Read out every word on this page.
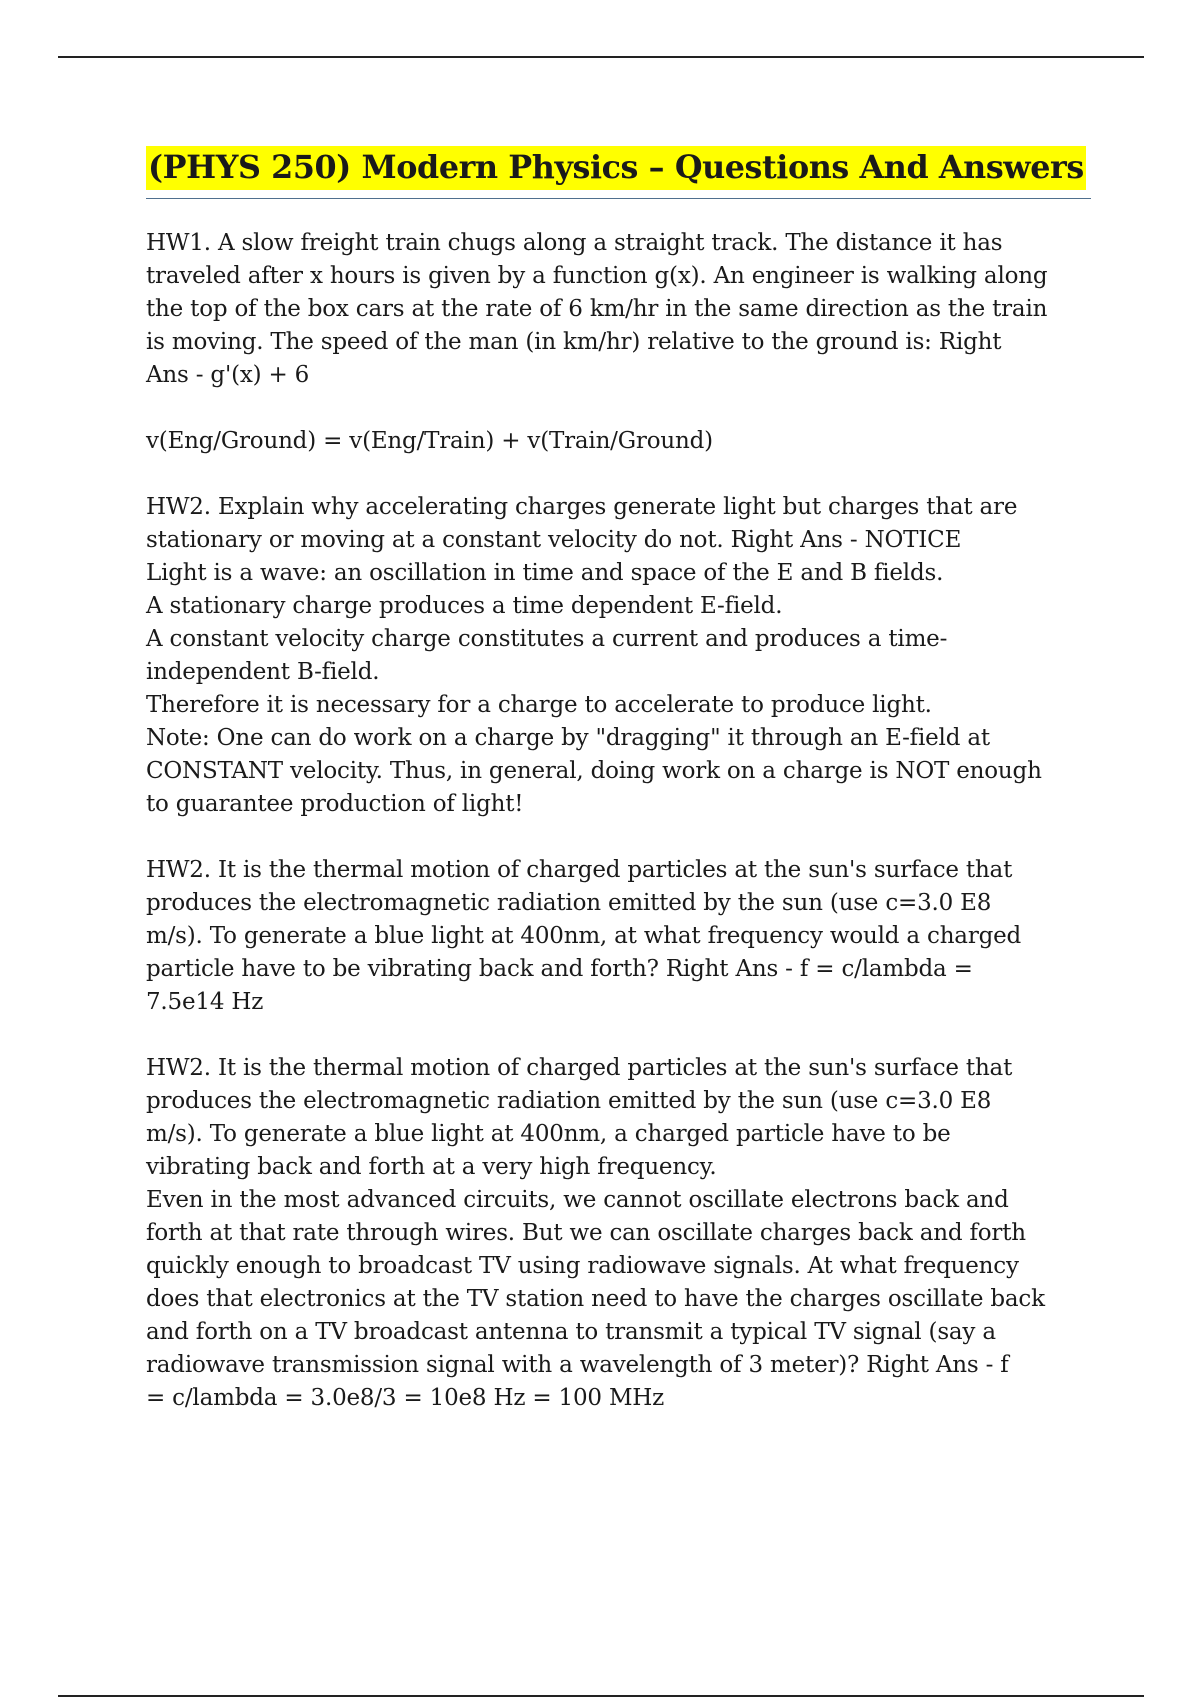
(PHYS 250) Modern Physics – Questions And Answers
HW1. A slow freight train chugs along a straight track. The distance it has
traveled after x hours is given by a function g(x). An engineer is walking along
the top of the box cars at the rate of 6 km/hr in the same direction as the train
is moving. The speed of the man (in km/hr) relative to the ground is: Right
Ans - g'(x) + 6
v(Eng/Ground) = v(Eng/Train) + v(Train/Ground)
HW2. Explain why accelerating charges generate light but charges that are
stationary or moving at a constant velocity do not. Right Ans - NOTICE
Light is a wave: an oscillation in time and space of the E and B fields.
A stationary charge produces a time dependent E-field.
A constant velocity charge constitutes a current and produces a time-
independent B-field.
Therefore it is necessary for a charge to accelerate to produce light.
Note: One can do work on a charge by "dragging" it through an E-field at
CONSTANT velocity. Thus, in general, doing work on a charge is NOT enough
to guarantee production of light!
HW2. It is the thermal motion of charged particles at the sun's surface that
produces the electromagnetic radiation emitted by the sun (use c=3.0 E8
m/s). To generate a blue light at 400nm, at what frequency would a charged
particle have to be vibrating back and forth? Right Ans - f = c/lambda =
7.5e14 Hz
HW2. It is the thermal motion of charged particles at the sun's surface that
produces the electromagnetic radiation emitted by the sun (use c=3.0 E8
m/s). To generate a blue light at 400nm, a charged particle have to be
vibrating back and forth at a very high frequency.
Even in the most advanced circuits, we cannot oscillate electrons back and
forth at that rate through wires. But we can oscillate charges back and forth
quickly enough to broadcast TV using radiowave signals. At what frequency
does that electronics at the TV station need to have the charges oscillate back
and forth on a TV broadcast antenna to transmit a typical TV signal (say a
radiowave transmission signal with a wavelength of 3 meter)? Right Ans - f
= c/lambda = 3.0e8/3 = 10e8 Hz = 100 MHz
